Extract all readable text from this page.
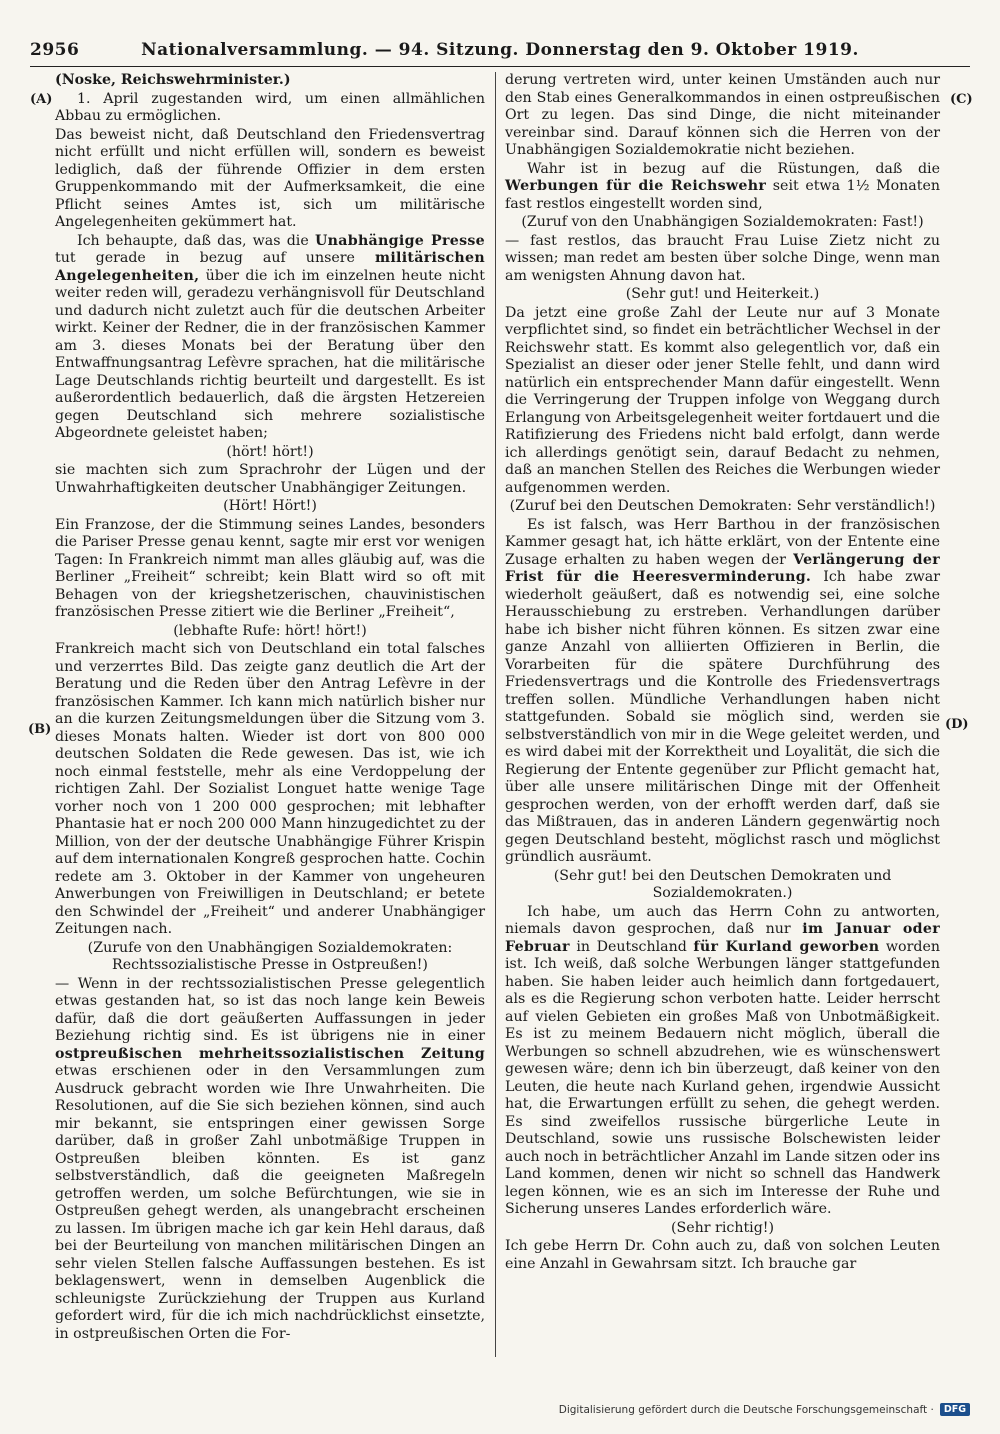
2956	Nationalversammlung. — 94. Sitzung. Donnerstag den 9. Oktober 1919.
(A)
(B)
(C)
(D)
(Noske, Reichswehrminister.)

1. April zugestanden wird, um einen allmählichen Abbau zu ermöglichen.

Das beweist nicht, daß Deutschland den Friedensvertrag nicht erfüllt und nicht erfüllen will, sondern es beweist lediglich, daß der führende Offizier in dem ersten Gruppenkommando mit der Aufmerksamkeit, die eine Pflicht seines Amtes ist, sich um militärische Angelegenheiten gekümmert hat.

Ich behaupte, daß das, was die Unabhängige Presse tut gerade in bezug auf unsere militärischen Angelegenheiten, über die ich im einzelnen heute nicht weiter reden will, geradezu verhängnisvoll für Deutschland und dadurch nicht zuletzt auch für die deutschen Arbeiter wirkt. Keiner der Redner, die in der französischen Kammer am 3. dieses Monats bei der Beratung über den Entwaffnungsantrag Lefèvre sprachen, hat die militärische Lage Deutschlands richtig beurteilt und dargestellt. Es ist außerordentlich bedauerlich, daß die ärgsten Hetzereien gegen Deutschland sich mehrere sozialistische Abgeordnete geleistet haben;

(hört! hört!)

sie machten sich zum Sprachrohr der Lügen und der Unwahrhaftigkeiten deutscher Unabhängiger Zeitungen.

(Hört! Hört!)

Ein Franzose, der die Stimmung seines Landes, besonders die Pariser Presse genau kennt, sagte mir erst vor wenigen Tagen: In Frankreich nimmt man alles gläubig auf, was die Berliner „Freiheit“ schreibt; kein Blatt wird so oft mit Behagen von der kriegshetzerischen, chauvinistischen französischen Presse zitiert wie die Berliner „Freiheit“,

(lebhafte Rufe: hört! hört!)

Frankreich macht sich von Deutschland ein total falsches und verzerrtes Bild. Das zeigte ganz deutlich die Art der Beratung und die Reden über den Antrag Lefèvre in der französischen Kammer. Ich kann mich natürlich bisher nur an die kurzen Zeitungsmeldungen über die Sitzung vom 3. dieses Monats halten. Wieder ist dort von 800 000 deutschen Soldaten die Rede gewesen. Das ist, wie ich noch einmal feststelle, mehr als eine Verdoppelung der richtigen Zahl. Der Sozialist Longuet hatte wenige Tage vorher noch von 1 200 000 gesprochen; mit lebhafter Phantasie hat er noch 200 000 Mann hinzugedichtet zu der Million, von der der deutsche Unabhängige Führer Krispin auf dem internationalen Kongreß gesprochen hatte. Cochin redete am 3. Oktober in der Kammer von ungeheuren Anwerbungen von Freiwilligen in Deutschland; er betete den Schwindel der „Freiheit“ und anderer Unabhängiger Zeitungen nach.

(Zurufe von den Unabhängigen Sozialdemokraten: Rechtssozialistische Presse in Ostpreußen!)

— Wenn in der rechtssozialistischen Presse gelegentlich etwas gestanden hat, so ist das noch lange kein Beweis dafür, daß die dort geäußerten Auffassungen in jeder Beziehung richtig sind. Es ist übrigens nie in einer ostpreußischen mehrheitssozialistischen Zeitung etwas erschienen oder in den Versammlungen zum Ausdruck gebracht worden wie Ihre Unwahrheiten. Die Resolutionen, auf die Sie sich beziehen können, sind auch mir bekannt, sie entspringen einer gewissen Sorge darüber, daß in großer Zahl unbotmäßige Truppen in Ostpreußen bleiben könnten. Es ist ganz selbstverständlich, daß die geeigneten Maßregeln getroffen werden, um solche Befürchtungen, wie sie in Ostpreußen gehegt werden, als unangebracht erscheinen zu lassen. Im übrigen mache ich gar kein Hehl daraus, daß bei der Beurteilung von manchen militärischen Dingen an sehr vielen Stellen falsche Auffassungen bestehen. Es ist beklagenswert, wenn in demselben Augenblick die schleunigste Zurückziehung der Truppen aus Kurland gefordert wird, für die ich mich nachdrücklichst einsetzte, in ostpreußischen Orten die For-

derung vertreten wird, unter keinen Umständen auch nur den Stab eines Generalkommandos in einen ostpreußischen Ort zu legen. Das sind Dinge, die nicht miteinander vereinbar sind. Darauf können sich die Herren von der Unabhängigen Sozialdemokratie nicht beziehen.

Wahr ist in bezug auf die Rüstungen, daß die Werbungen für die Reichswehr seit etwa 1½ Monaten fast restlos eingestellt worden sind,

(Zuruf von den Unabhängigen Sozialdemokraten: Fast!)

— fast restlos, das braucht Frau Luise Zietz nicht zu wissen; man redet am besten über solche Dinge, wenn man am wenigsten Ahnung davon hat.

(Sehr gut! und Heiterkeit.)

Da jetzt eine große Zahl der Leute nur auf 3 Monate verpflichtet sind, so findet ein beträchtlicher Wechsel in der Reichswehr statt. Es kommt also gelegentlich vor, daß ein Spezialist an dieser oder jener Stelle fehlt, und dann wird natürlich ein entsprechender Mann dafür eingestellt. Wenn die Verringerung der Truppen infolge von Weggang durch Erlangung von Arbeitsgelegenheit weiter fortdauert und die Ratifizierung des Friedens nicht bald erfolgt, dann werde ich allerdings genötigt sein, darauf Bedacht zu nehmen, daß an manchen Stellen des Reiches die Werbungen wieder aufgenommen werden.

(Zuruf bei den Deutschen Demokraten: Sehr verständlich!)

Es ist falsch, was Herr Barthou in der französischen Kammer gesagt hat, ich hätte erklärt, von der Entente eine Zusage erhalten zu haben wegen der Verlängerung der Frist für die Heeresverminderung. Ich habe zwar wiederholt geäußert, daß es notwendig sei, eine solche Herausschiebung zu erstreben. Verhandlungen darüber habe ich bisher nicht führen können. Es sitzen zwar eine ganze Anzahl von alliierten Offizieren in Berlin, die Vorarbeiten für die spätere Durchführung des Friedensvertrags und die Kontrolle des Friedensvertrags treffen sollen. Mündliche Verhandlungen haben nicht stattgefunden. Sobald sie möglich sind, werden sie selbstverständlich von mir in die Wege geleitet werden, und es wird dabei mit der Korrektheit und Loyalität, die sich die Regierung der Entente gegenüber zur Pflicht gemacht hat, über alle unsere militärischen Dinge mit der Offenheit gesprochen werden, von der erhofft werden darf, daß sie das Mißtrauen, das in anderen Ländern gegenwärtig noch gegen Deutschland besteht, möglichst rasch und möglichst gründlich ausräumt.

(Sehr gut! bei den Deutschen Demokraten und Sozialdemokraten.)

Ich habe, um auch das Herrn Cohn zu antworten, niemals davon gesprochen, daß nur im Januar oder Februar in Deutschland für Kurland geworben worden ist. Ich weiß, daß solche Werbungen länger stattgefunden haben. Sie haben leider auch heimlich dann fortgedauert, als es die Regierung schon verboten hatte. Leider herrscht auf vielen Gebieten ein großes Maß von Unbotmäßigkeit. Es ist zu meinem Bedauern nicht möglich, überall die Werbungen so schnell abzudrehen, wie es wünschenswert gewesen wäre; denn ich bin überzeugt, daß keiner von den Leuten, die heute nach Kurland gehen, irgendwie Aussicht hat, die Erwartungen erfüllt zu sehen, die gehegt werden. Es sind zweifellos russische bürgerliche Leute in Deutschland, sowie uns russische Bolschewisten leider auch noch in beträchtlicher Anzahl im Lande sitzen oder ins Land kommen, denen wir nicht so schnell das Handwerk legen können, wie es an sich im Interesse der Ruhe und Sicherung unseres Landes erforderlich wäre.

(Sehr richtig!)

Ich gebe Herrn Dr. Cohn auch zu, daß von solchen Leuten eine Anzahl in Gewahrsam sitzt. Ich brauche gar

Digitalisierung gefördert durch die Deutsche Forschungsgemeinschaft ·	DFG
